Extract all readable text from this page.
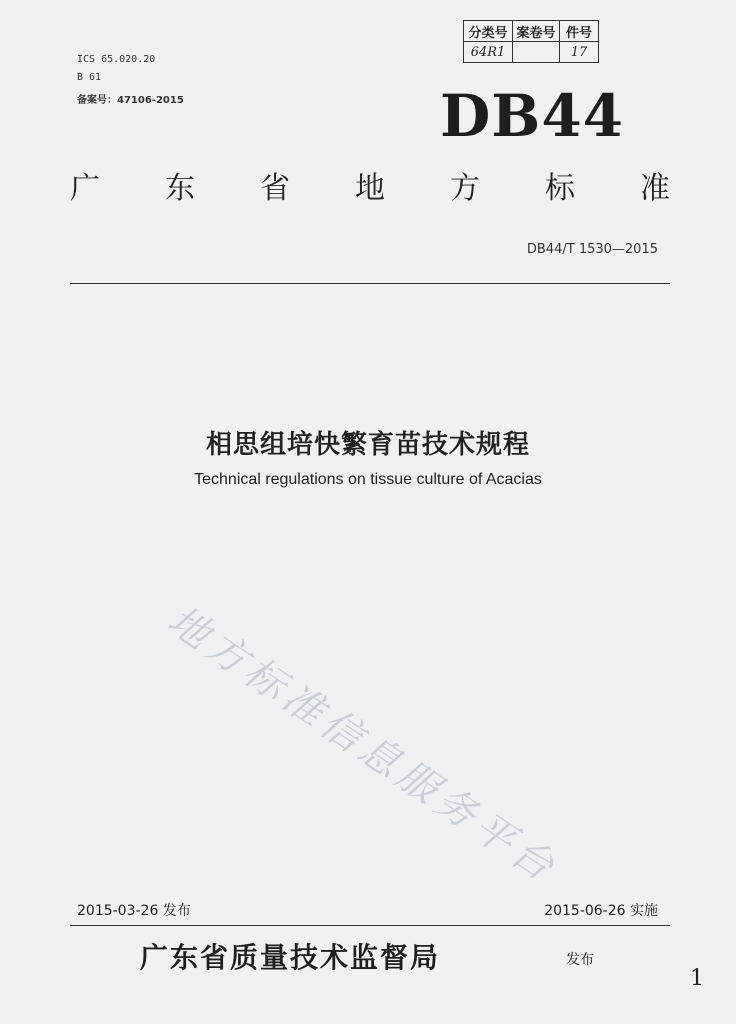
分类号	案卷号	件号
64R1		17
ICS 65.020.20
B 61
备案号：47106-2015	DB44
广 东 省 地 方 标 准
DB44/T 1530—2015
相思组培快繁育苗技术规程
Technical regulations on tissue culture of Acacias
地方标准信息服务平台
2015-03-26 发布	2015-06-26 实施
广东省质量技术监督局	发布
1
